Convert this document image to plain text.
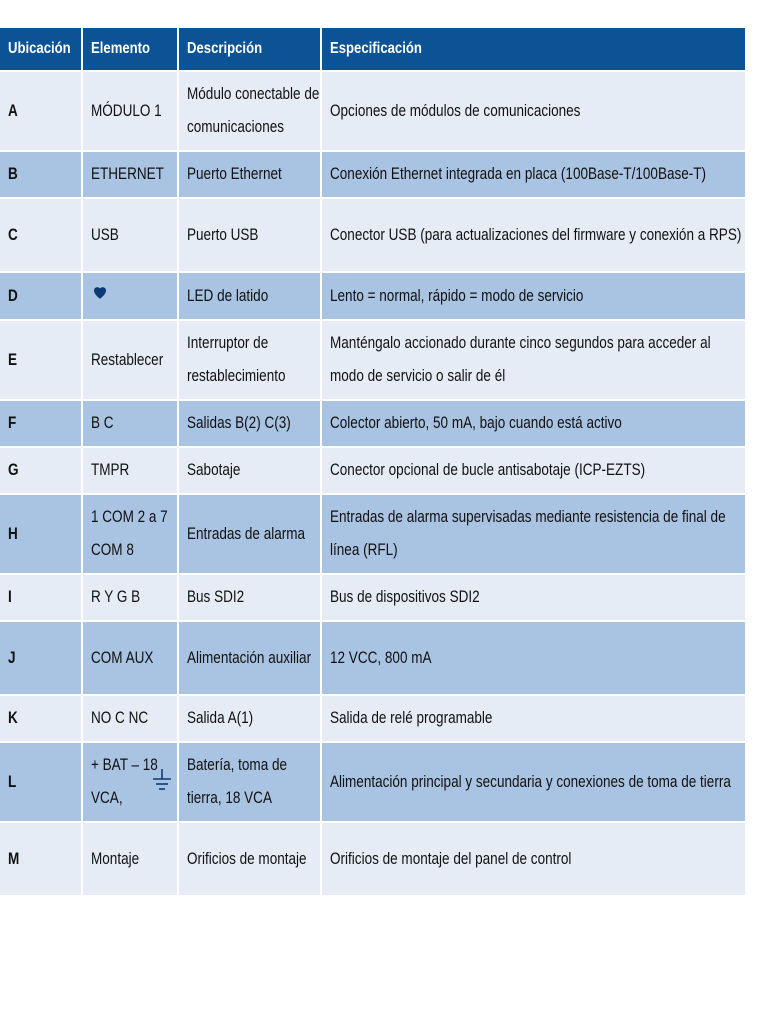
Ubicación	Elemento	Descripción	Especificación

A	MÓDULO 1	Módulo conectable de comunicaciones	Opciones de módulos de comunicaciones

B	ETHERNET	Puerto Ethernet	Conexión Ethernet integrada en placa (100Base-T/100Base-T)

C	USB	Puerto USB	Conector USB (para actualizaciones del firmware y conexión a RPS)

D		LED de latido	Lento = normal, rápido = modo de servicio

E	Restablecer	Interruptor de restablecimiento	Manténgalo accionado durante cinco segundos para acceder al modo de servicio o salir de él

F	B C	Salidas B(2) C(3)	Colector abierto, 50 mA, bajo cuando está activo

G	TMPR	Sabotaje	Conector opcional de bucle antisabotaje (ICP-EZTS)

H	1 COM 2 a 7 COM 8	Entradas de alarma	Entradas de alarma supervisadas mediante resistencia de final de línea (RFL)

I	R Y G B	Bus SDI2	Bus de dispositivos SDI2

J	COM AUX	Alimentación auxiliar	12 VCC, 800 mA

K	NO C NC	Salida A(1)	Salida de relé programable

L	+ BAT – 18 VCA,	Batería, toma de tierra, 18 VCA	Alimentación principal y secundaria y conexiones de toma de tierra

M	Montaje	Orificios de montaje	Orificios de montaje del panel de control
